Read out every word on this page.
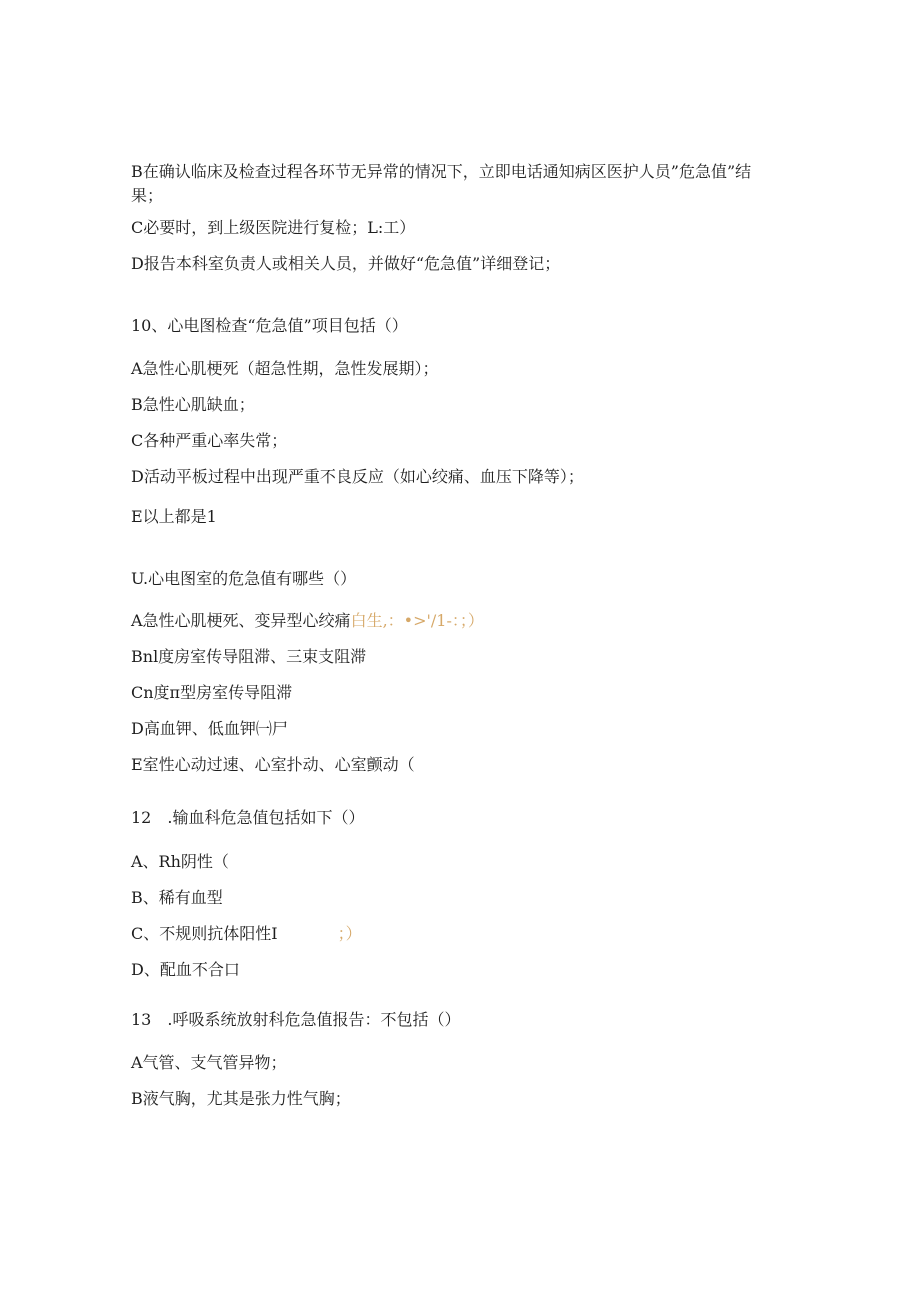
B在确认临床及检查过程各环节无异常的情况下，立即电话通知病区医护人员”危急值”结果；
C必要时，到上级医院进行复检；L:工）
D报告本科室负责人或相关人员，并做好“危急值”详细登记；
10、心电图检查“危急值”项目包括（）
A急性心肌梗死（超急性期，急性发展期）；
B急性心肌缺血；
C各种严重心率失常；
D活动平板过程中出现严重不良反应（如心绞痛、血压下降等）；
E以上都是1
U.心电图室的危急值有哪些（）
A急性心肌梗死、变异型心绞痛白生,：•>'/1-：；）
Bnl度房室传导阻滞、三束支阻滞
Cn度π型房室传导阻滞
D高血钾、低血钾㈠尸
E室性心动过速、心室扑动、心室颤动（
12　.输血科危急值包括如下（）
A、Rh阴性（
B、稀有血型
C、不规则抗体阳性I	；）
D、配血不合口
13　.呼吸系统放射科危急值报告：不包括（）
A气管、支气管异物；
B液气胸，尤其是张力性气胸；
